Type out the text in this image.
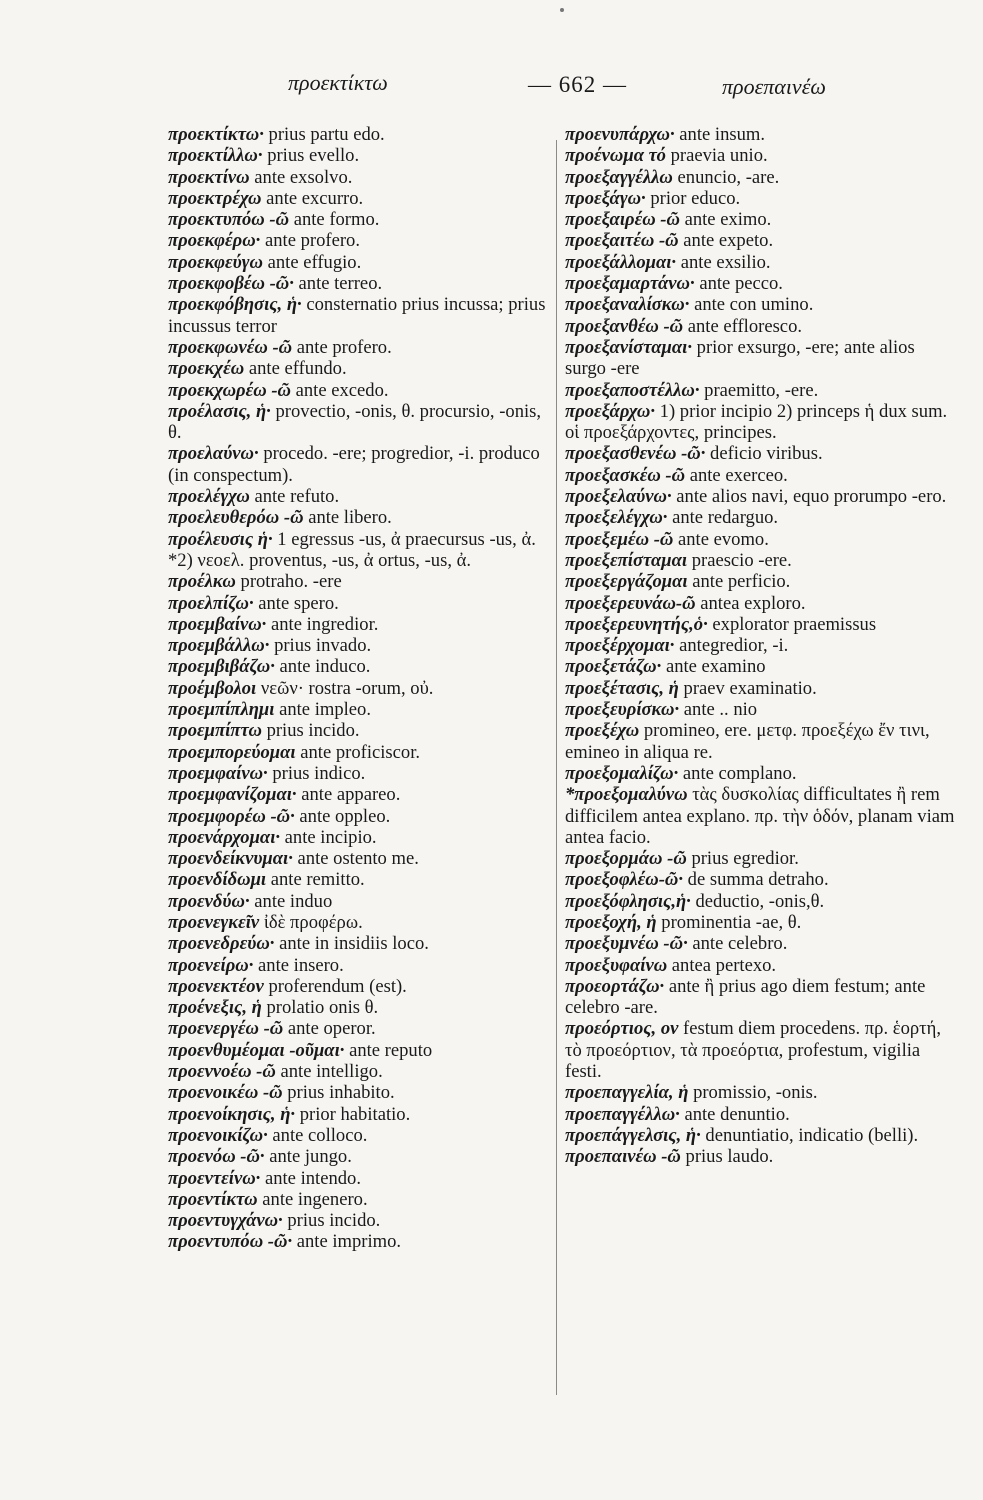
προεκτίκτω	— 662 —	προεπαινέω

προεκτίκτω· prius partu edo.

προεκτίλλω· prius evello.

προεκτίνω ante exsolvo.

προεκτρέχω ante excurro.

προεκτυπόω -ῶ ante formo.

προεκφέρω· ante profero.

προεκφεύγω ante effugio.

προεκφοβέω -ῶ· ante terreo.

προεκφόβησις, ἡ· consternatio prius incussa; prius incussus terror

προεκφωνέω -ῶ ante profero.

προεκχέω ante effundo.

προεκχωρέω -ῶ ante excedo.

προέλασις, ἡ· provectio, -onis, θ. procursio, -onis, θ.

προελαύνω· procedo. -ere; progredior, -i. produco (in conspectum).

προελέγχω ante refuto.

προελευθερόω -ῶ ante libero.

προέλευσις ἡ· 1 egressus -us, ἀ praecursus -us, ἀ. *2) νεοελ. proventus, -us, ἀ ortus, -us, ἀ.

προέλκω protraho. -ere

προελπίζω· ante spero.

προεμβαίνω· ante ingredior.

προεμβάλλω· prius invado.

προεμβιβάζω· ante induco.

προέμβολοι νεῶν· rostra -orum, οὐ.

προεμπίπλημι ante impleo.

προεμπίπτω prius incido.

προεμπορεύομαι ante proficiscor.

προεμφαίνω· prius indico.

προεμφανίζομαι· ante appareo.

προεμφορέω -ῶ· ante oppleo.

προενάρχομαι· ante incipio.

προενδείκνυμαι· ante ostento me.

προενδίδωμι ante remitto.

προενδύω· ante induo

προενεγκεῖν ἰδὲ προφέρω.

προενεδρεύω· ante in insidiis loco.

προενείρω· ante insero.

προενεκτέον proferendum (est).

προένεξις, ἡ prolatio onis θ.

προενεργέω -ῶ ante operor.

προενθυμέομαι -οῦμαι· ante reputo

προεννοέω -ῶ ante intelligo.

προενοικέω -ῶ prius inhabito.

προενοίκησις, ἡ· prior habitatio.

προενοικίζω· ante colloco.

προενόω -ῶ· ante jungo.

προεντείνω· ante intendo.

προεντίκτω ante ingenero.

προεντυγχάνω· prius incido.

προεντυπόω -ῶ· ante imprimo.

προενυπάρχω· ante insum.

προένωμα τό praevia unio.

προεξαγγέλλω enuncio, -are.

προεξάγω· prior educo.

προεξαιρέω -ῶ ante eximo.

προεξαιτέω -ῶ ante expeto.

προεξάλλομαι· ante exsilio.

προεξαμαρτάνω· ante pecco.

προεξαναλίσκω· ante con umino.

προεξανθέω -ῶ ante effloresco.

προεξανίσταμαι· prior exsurgo, -ere; ante alios surgo -ere

προεξαποστέλλω· praemitto, -ere.

προεξάρχω· 1) prior incipio 2) princeps ἡ dux sum. οἱ προεξάρχοντες, principes.

προεξασθενέω -ῶ· deficio viribus.

προεξασκέω -ῶ ante exerceo.

προεξελαύνω· ante alios navi, equo prorumpo -ero.

προεξελέγχω· ante redarguo.

προεξεμέω -ῶ ante evomo.

προεξεπίσταμαι praescio -ere.

προεξεργάζομαι ante perficio.

προεξερευνάω-ῶ antea exploro.

προεξερευνητής,ὁ· explorator praemissus

προεξέρχομαι· antegredior, -i.

προεξετάζω· ante examino

προεξέτασις, ἡ praev examinatio.

προεξευρίσκω· ante .. nio

προεξέχω promineo, ere. μετφ. προεξέχω ἔν τινι, emineo in aliqua re.

προεξομαλίζω· ante complano.

*προεξομαλύνω τὰς δυσκολίας difficultates ἢ rem difficilem antea explano. πρ. τὴν ὁδόν, planam viam antea facio.

προεξορμάω -ῶ prius egredior.

προεξοφλέω-ῶ· de summa detraho.

προεξόφλησις,ἡ· deductio, -onis,θ.

προεξοχή, ἡ prominentia -ae, θ.

προεξυμνέω -ῶ· ante celebro.

προεξυφαίνω antea pertexo.

προεορτάζω· ante ἢ prius ago diem festum; ante celebro -are.

προεόρτιος, ον festum diem procedens. πρ. ἑορτή, τὸ προεόρτιον, τὰ προεόρτια, profestum, vigilia festi.

προεπαγγελία, ἡ promissio, -onis.

προεπαγγέλλω· ante denuntio.

προεπάγγελσις, ἡ· denuntiatio, indicatio (belli).

προεπαινέω -ῶ prius laudo.
